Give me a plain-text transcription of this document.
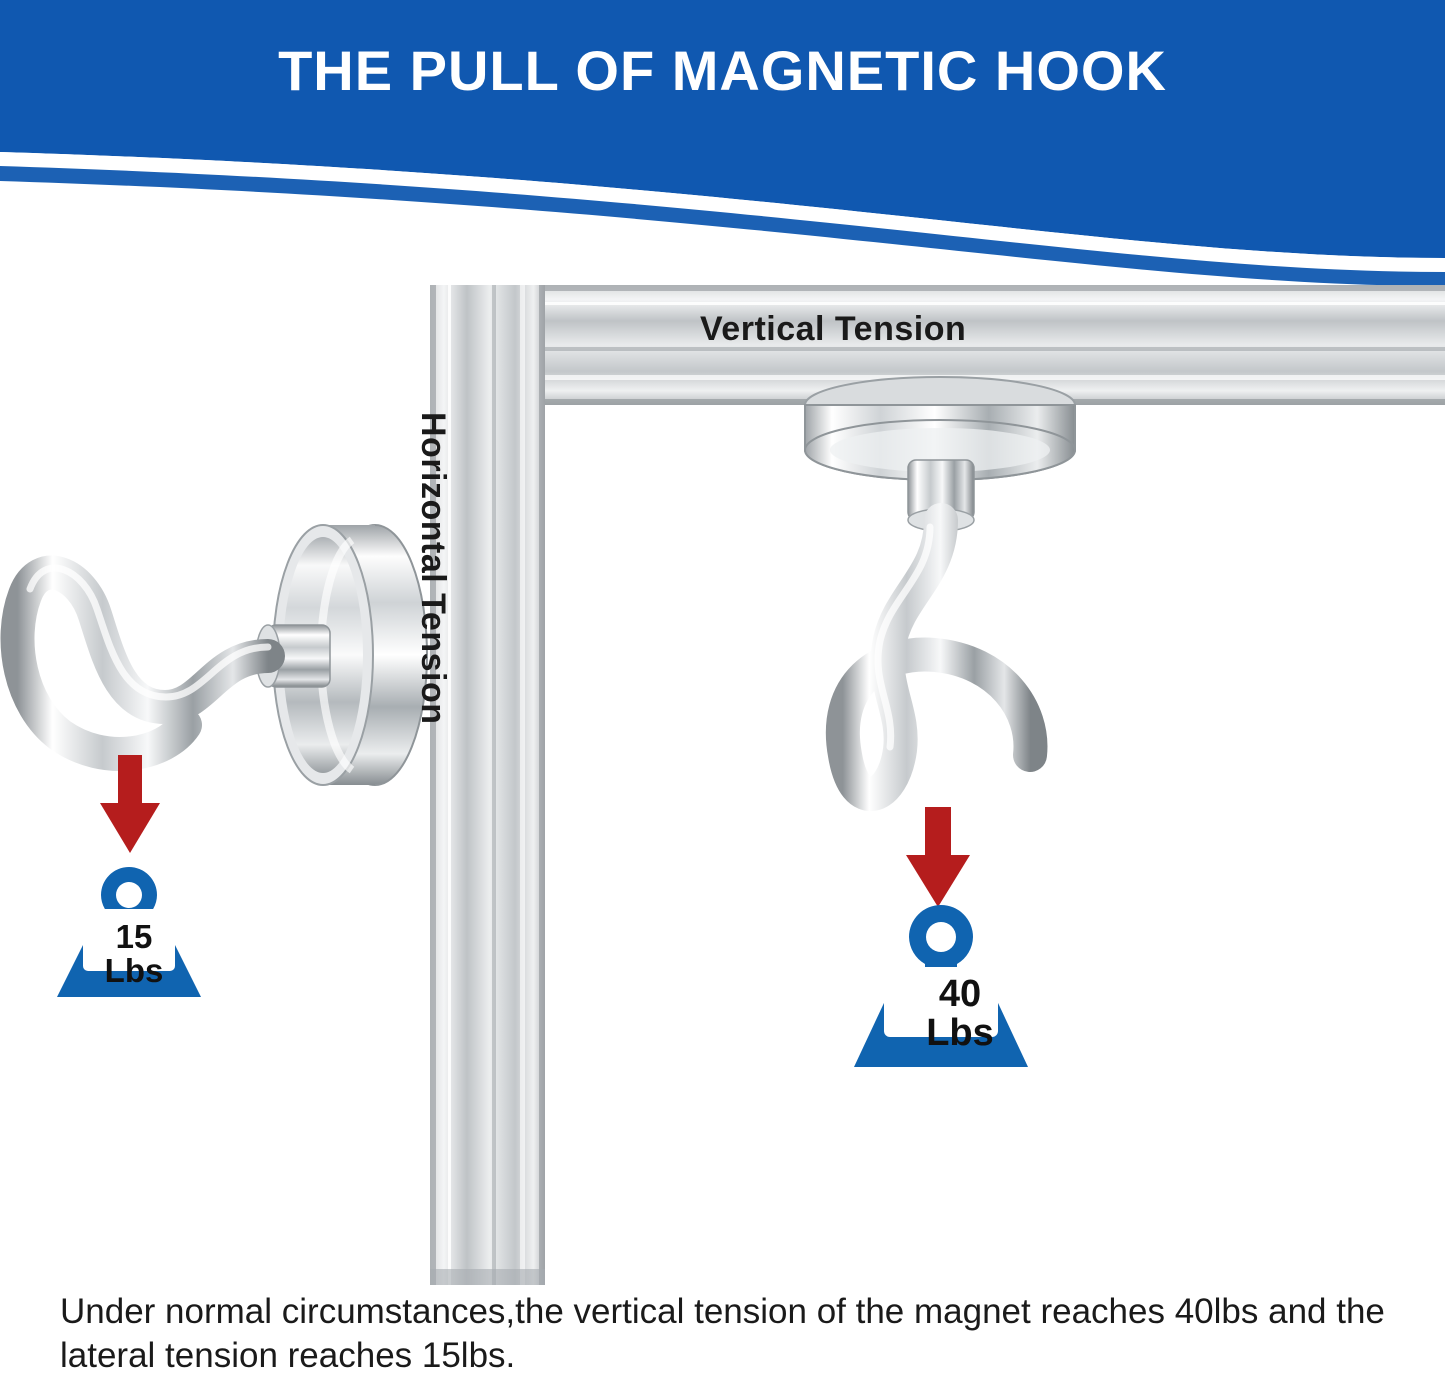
THE PULL OF MAGNETIC HOOK
Vertical Tension
Horizontal Tension
15
Lbs
40
Lbs
Under normal circumstances,the vertical tension of the magnet reaches 40lbs and the lateral tension reaches 15lbs.
